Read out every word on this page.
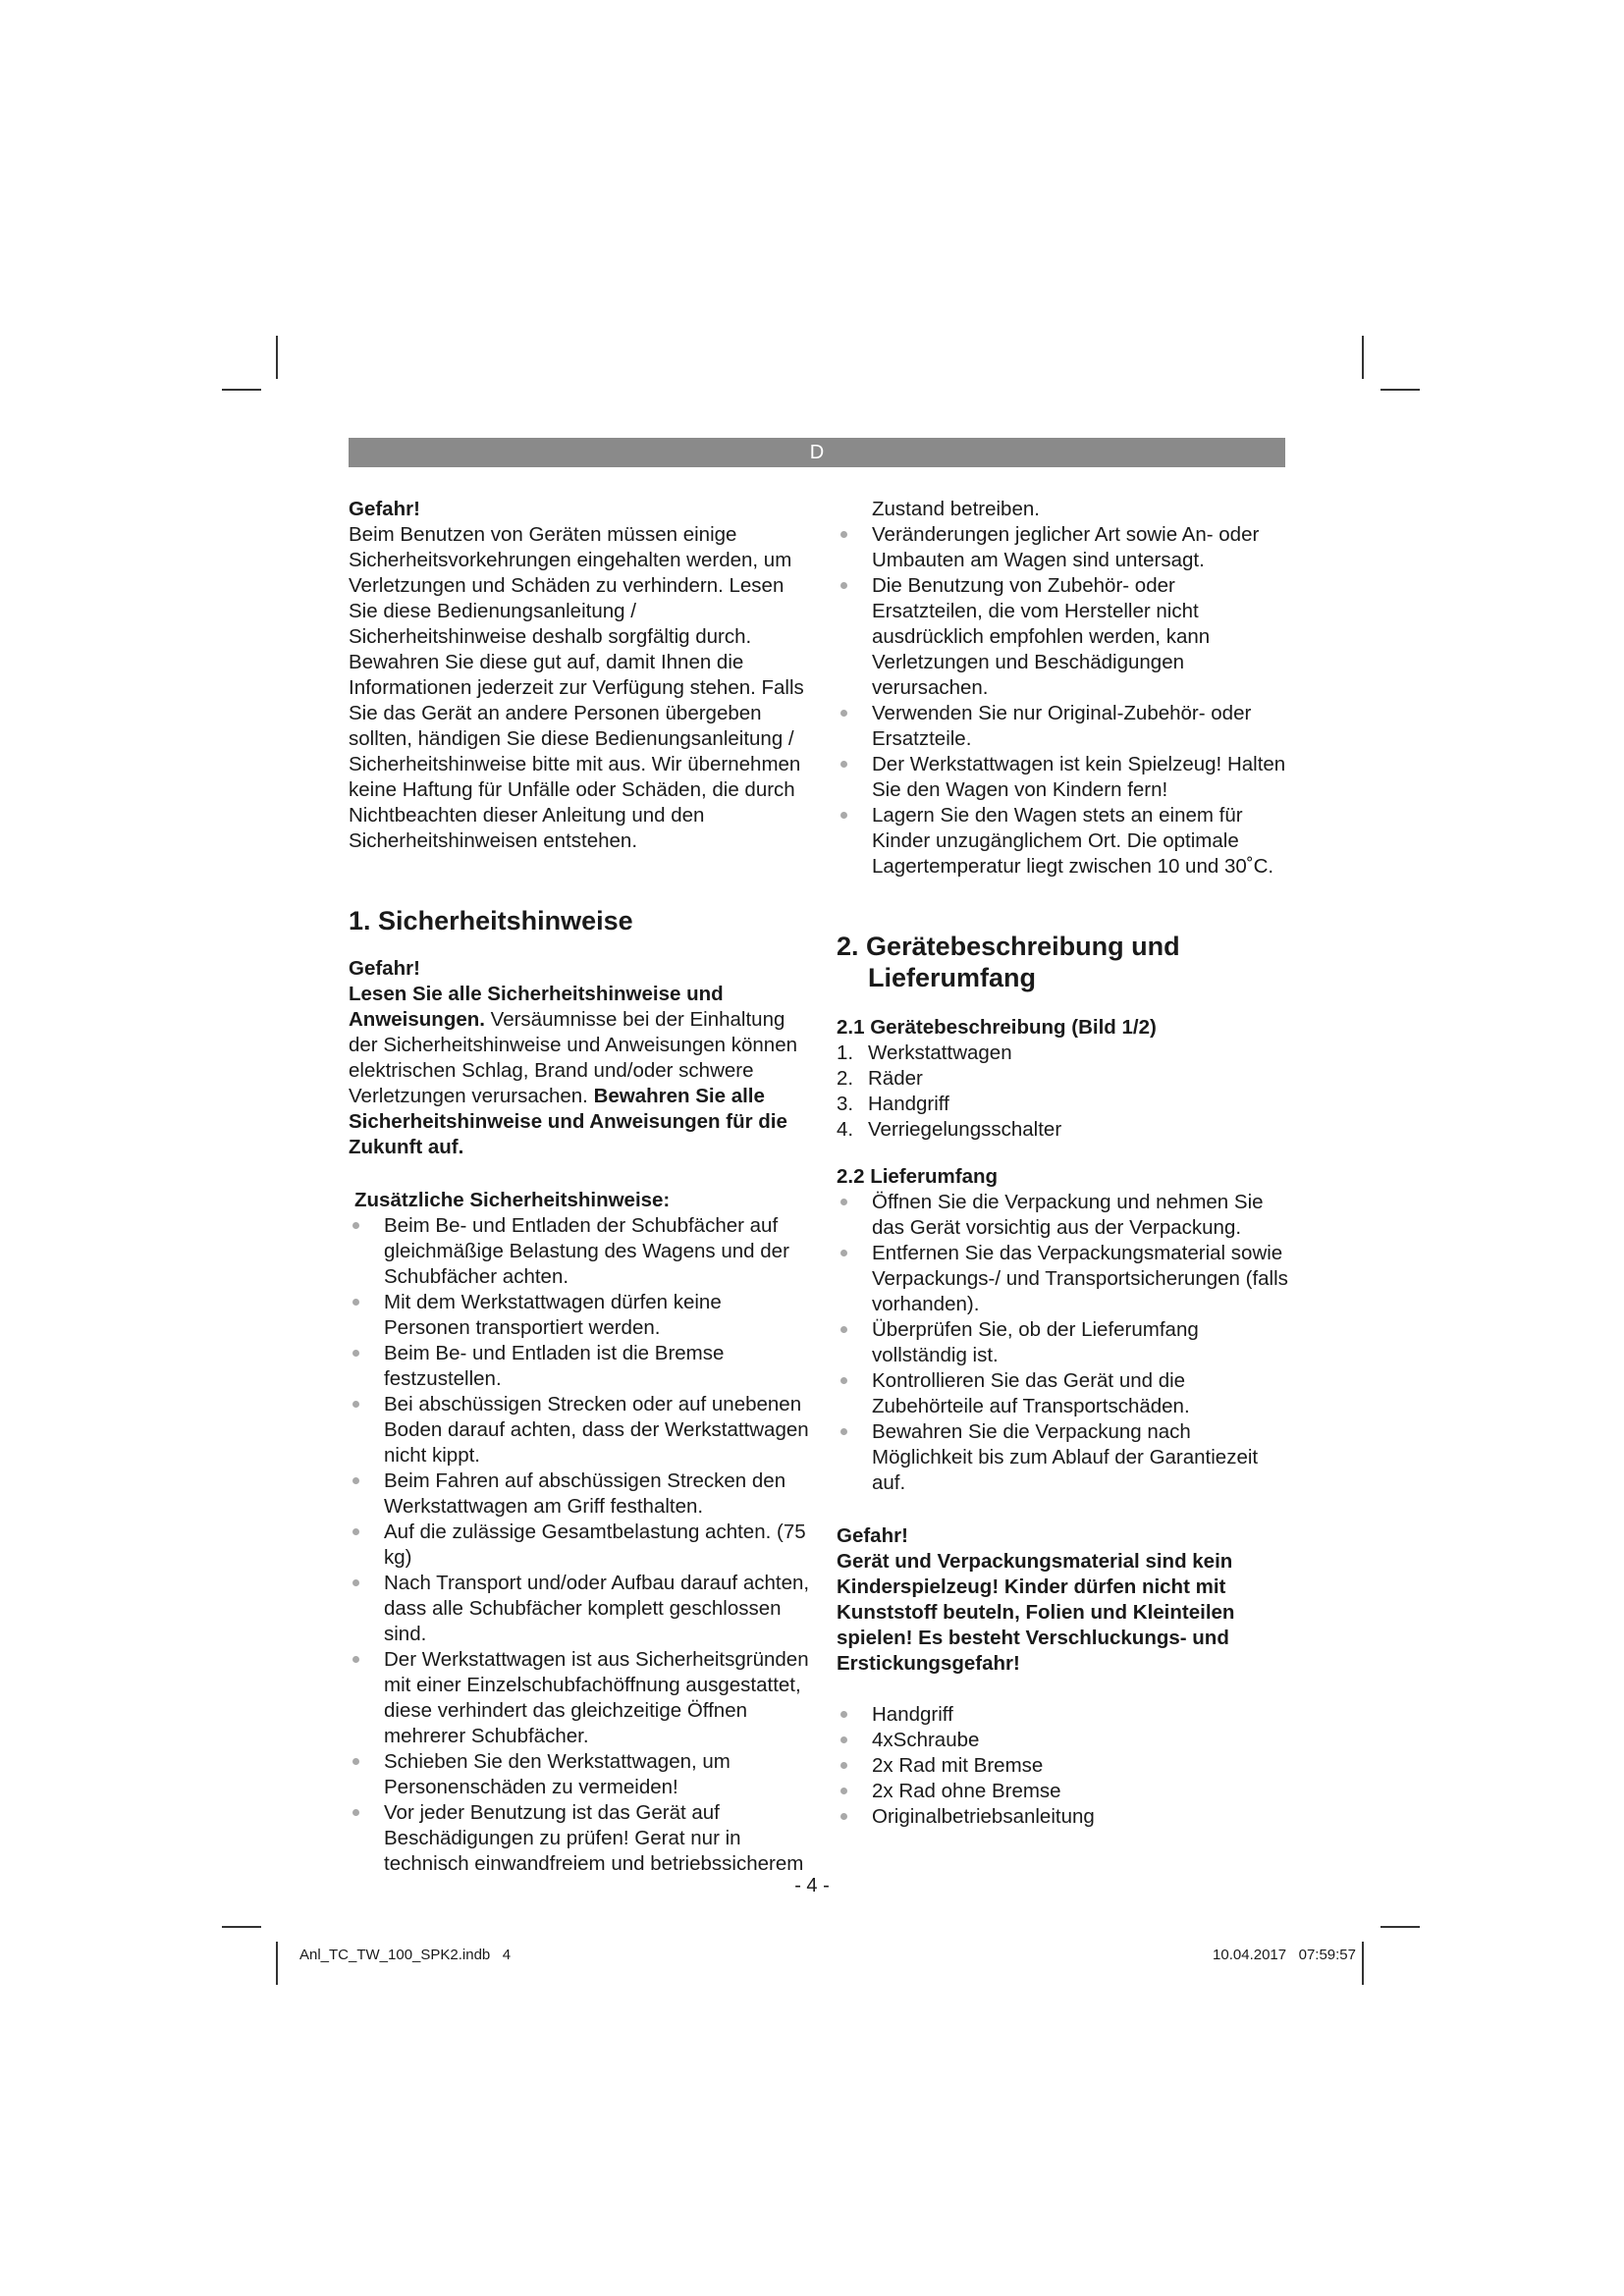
D

Gefahr!

Beim Benutzen von Geräten müssen einige Sicherheitsvorkehrungen eingehalten werden, um Verletzungen und Schäden zu verhindern. Lesen Sie diese Bedienungsanleitung / Sicherheitshinweise deshalb sorgfältig durch. Bewahren Sie diese gut auf, damit Ihnen die Informationen jederzeit zur Verfügung stehen. Falls Sie das Gerät an andere Personen übergeben sollten, händigen Sie diese Bedienungsanleitung / Sicherheitshinweise bitte mit aus. Wir übernehmen keine Haftung für Unfälle oder Schäden, die durch Nichtbeachten dieser Anleitung und den Sicherheitshinweisen entstehen.

1. Sicherheitshinweise

Gefahr!

Lesen Sie alle Sicherheitshinweise und Anweisungen. Versäumnisse bei der Einhaltung der Sicherheitshinweise und Anweisungen können elektrischen Schlag, Brand und/oder schwere Verletzungen verursachen. Bewahren Sie alle Sicherheitshinweise und Anweisungen für die Zukunft auf.

Zusätzliche Sicherheitshinweise:

Beim Be- und Entladen der Schubfächer auf gleichmäßige Belastung des Wagens und der Schubfächer achten.
Mit dem Werkstattwagen dürfen keine Personen transportiert werden.
Beim Be- und Entladen ist die Bremse festzustellen.
Bei abschüssigen Strecken oder auf unebenen Boden darauf achten, dass der Werkstattwagen nicht kippt.
Beim Fahren auf abschüssigen Strecken den Werkstattwagen am Griff festhalten.
Auf die zulässige Gesamtbelastung achten. (75 kg)
Nach Transport und/oder Aufbau darauf achten, dass alle Schubfächer komplett geschlossen sind.
Der Werkstattwagen ist aus Sicherheitsgründen mit einer Einzelschubfachöffnung ausgestattet, diese verhindert das gleichzeitige Öffnen mehrerer Schubfächer.
Schieben Sie den Werkstattwagen, um Personenschäden zu vermeiden!
Vor jeder Benutzung ist das Gerät auf Beschädigungen zu prüfen! Gerat nur in technisch einwandfreiem und betriebssicherem

Zustand betreiben.

Veränderungen jeglicher Art sowie An- oder Umbauten am Wagen sind untersagt.
Die Benutzung von Zubehör- oder Ersatzteilen, die vom Hersteller nicht ausdrücklich empfohlen werden, kann Verletzungen und Beschädigungen verursachen.
Verwenden Sie nur Original-Zubehör- oder Ersatzteile.
Der Werkstattwagen ist kein Spielzeug! Halten Sie den Wagen von Kindern fern!
Lagern Sie den Wagen stets an einem für Kinder unzugänglichem Ort. Die optimale Lagertemperatur liegt zwischen 10 und 30˚C.
2. Gerätebeschreibung und
Lieferumfang

2.1 Gerätebeschreibung (Bild 1/2)

1. Werkstattwagen
2. Räder
3. Handgriff
4. Verriegelungsschalter

2.2 Lieferumfang

Öffnen Sie die Verpackung und nehmen Sie das Gerät vorsichtig aus der Verpackung.
Entfernen Sie das Verpackungsmaterial sowie Verpackungs-/ und Transportsicherungen (falls vorhanden).
Überprüfen Sie, ob der Lieferumfang vollständig ist.
Kontrollieren Sie das Gerät und die Zubehörteile auf Transportschäden.
Bewahren Sie die Verpackung nach Möglichkeit bis zum Ablauf der Garantiezeit auf.

Gefahr!

Gerät und Verpackungsmaterial sind kein Kinderspielzeug! Kinder dürfen nicht mit Kunststoff beuteln, Folien und Kleinteilen spielen! Es besteht Verschluckungs- und Erstickungsgefahr!

Handgriff
4xSchraube
2x Rad mit Bremse
2x Rad ohne Bremse
Originalbetriebsanleitung
- 4 -
Anl_TC_TW_100_SPK2.indb   4	10.04.2017   07:59:57
